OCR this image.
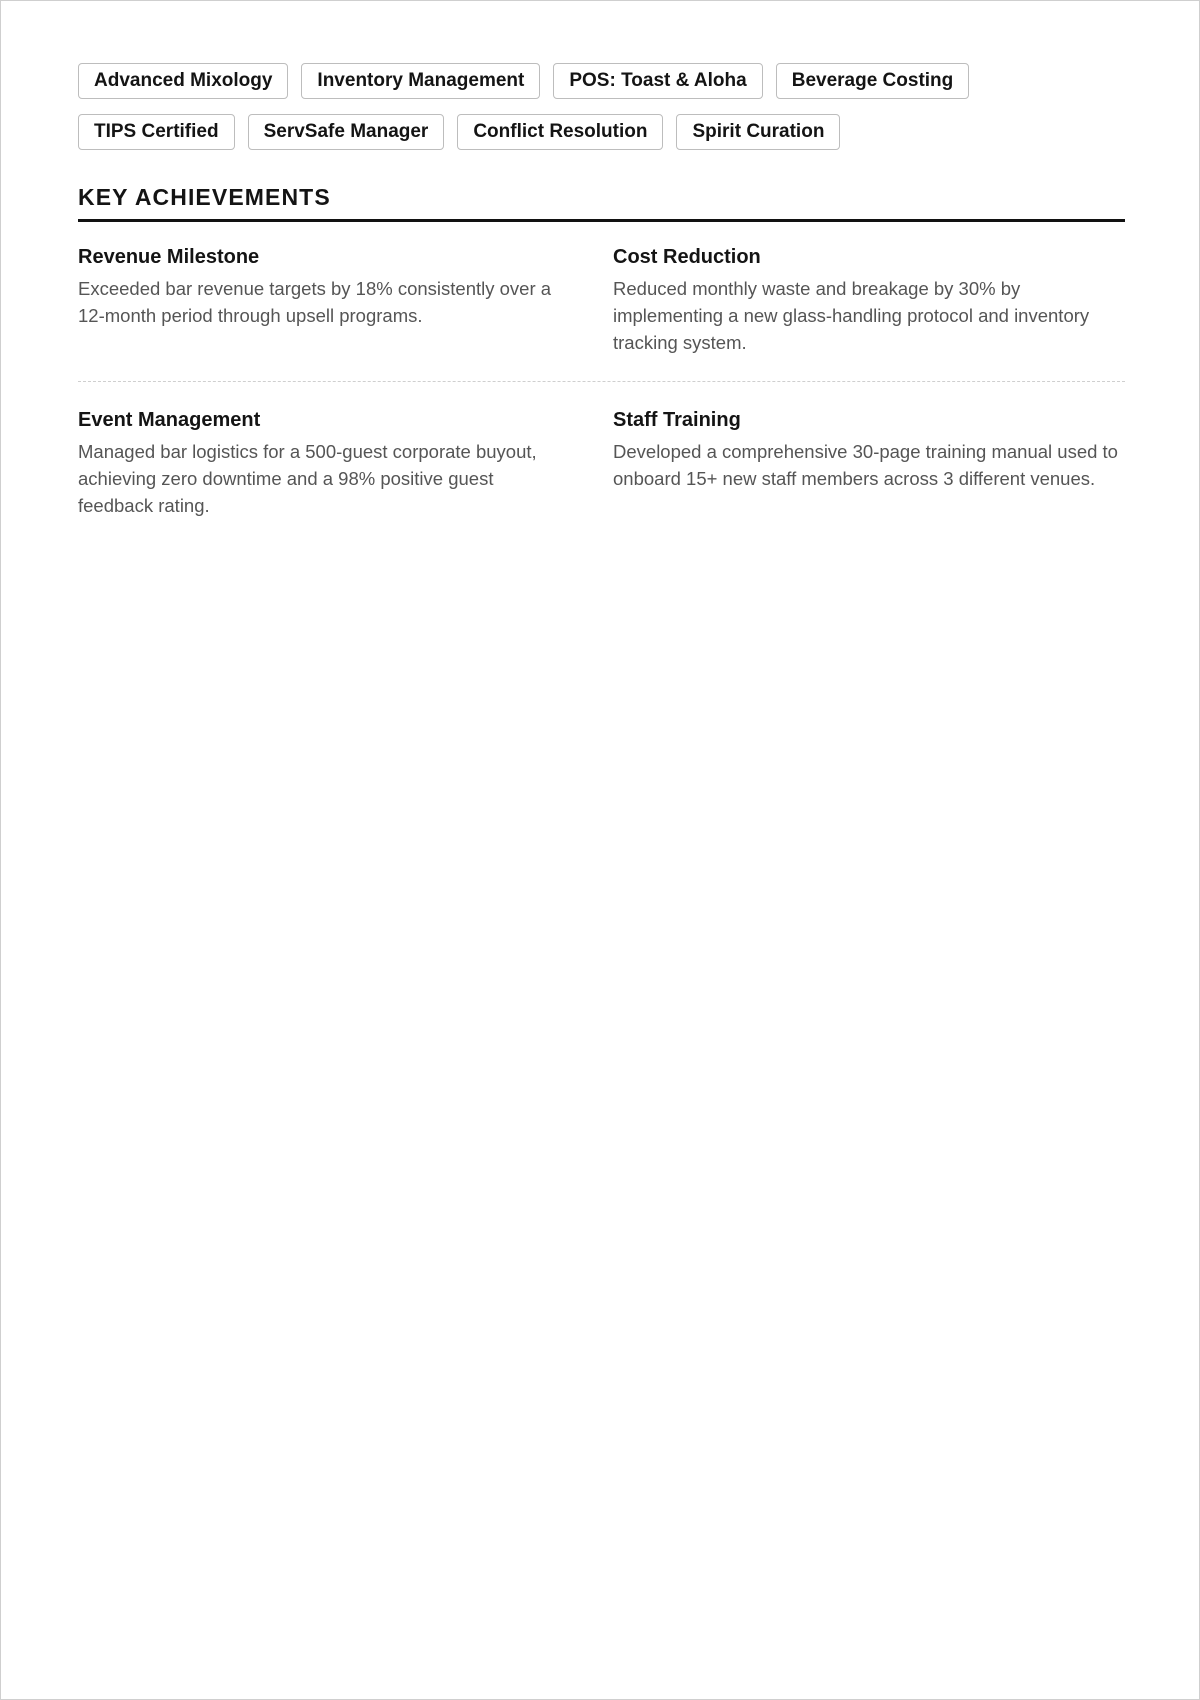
Advanced Mixology	Inventory Management	POS: Toast & Aloha	Beverage Costing
TIPS Certified	ServSafe Manager	Conflict Resolution	Spirit Curation
KEY ACHIEVEMENTS
Revenue Milestone

Exceeded bar revenue targets by 18% consistently over a 12-month period through upsell programs.

Cost Reduction

Reduced monthly waste and breakage by 30% by implementing a new glass-handling protocol and inventory tracking system.

Event Management

Managed bar logistics for a 500-guest corporate buyout, achieving zero downtime and a 98% positive guest feedback rating.

Staff Training

Developed a comprehensive 30-page training manual used to onboard 15+ new staff members across 3 different venues.
